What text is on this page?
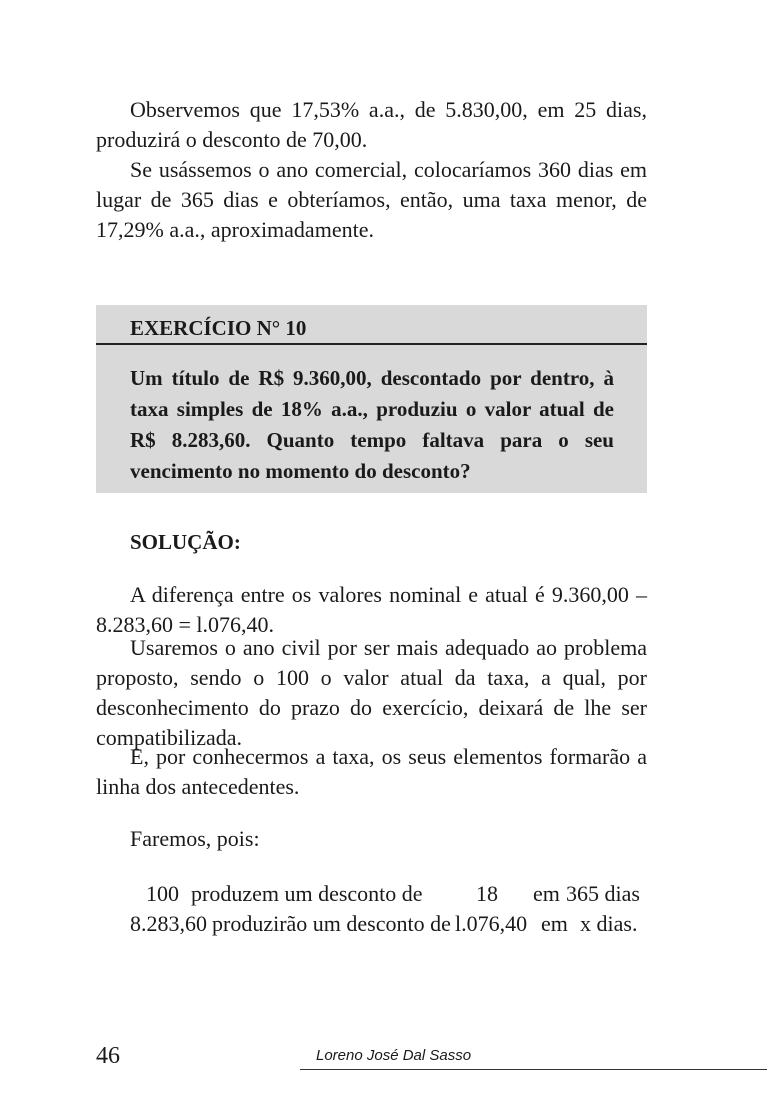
Observemos que 17,53% a.a., de 5.830,00, em 25 dias, produzirá o desconto de 70,00.

Se usássemos o ano comercial, colocaríamos 360 dias em lugar de 365 dias e obteríamos, então, uma taxa menor, de 17,29% a.a., aproximadamente.

EXERCÍCIO N° 10

Um título de R$ 9.360,00, descontado por dentro, à taxa simples de 18% a.a., produziu o valor atual de R$ 8.283,60. Quanto tempo faltava para o seu vencimento no momento do desconto?

SOLUÇÃO:

A diferença entre os valores nominal e atual é 9.360,00 – 8.283,60 = l.076,40.

Usaremos o ano civil por ser mais adequado ao problema proposto, sendo o 100 o valor atual da taxa, a qual, por desconhecimento do prazo do exercício, deixará de lhe ser compatibilizada.

E, por conhecermos a taxa, os seus elementos formarão a linha dos antecedentes.

Faremos, pois:

100 produzem um desconto de 18 em 365 dias
8.283,60 produzirão um desconto de l.076,40 em x dias.
46	Loreno José Dal Sasso
